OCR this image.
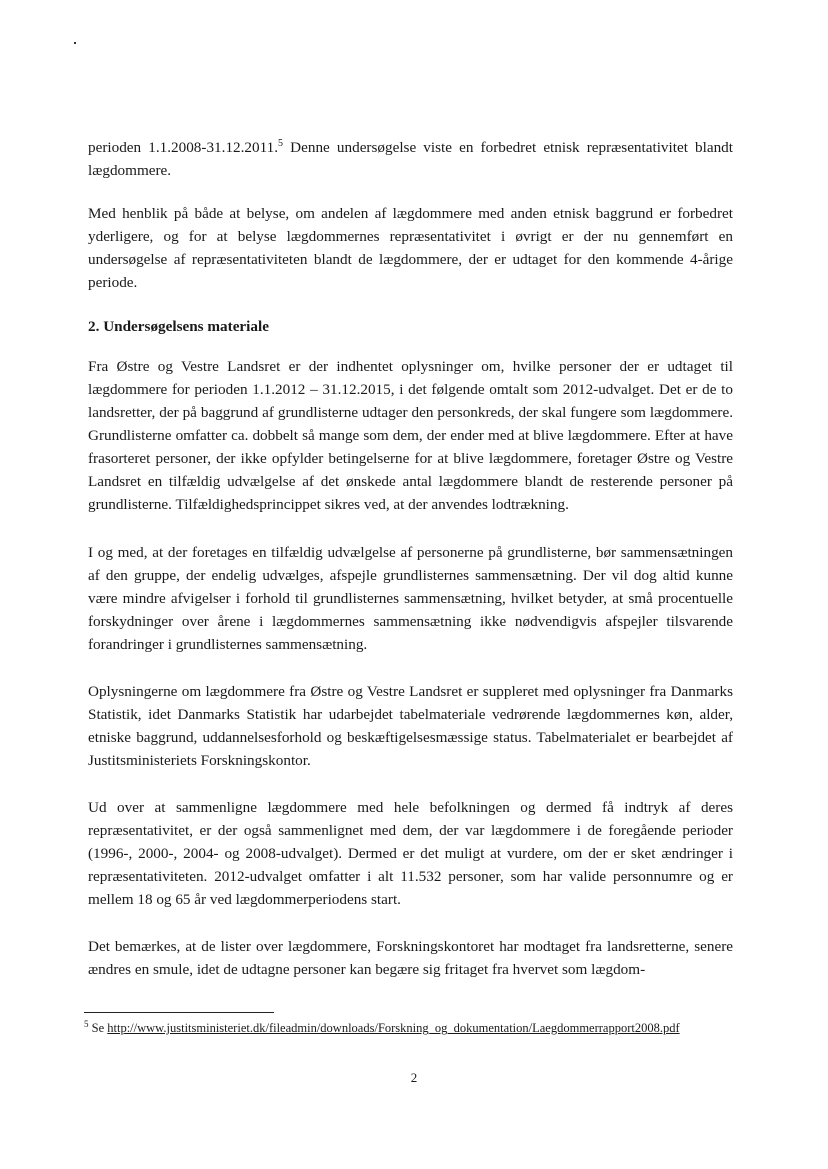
perioden 1.1.2008-31.12.2011.$^5$ Denne undersøgelse viste en forbedret etnisk repræsentativitet blandt lægdommere.

Med henblik på både at belyse, om andelen af lægdommere med anden etnisk baggrund er forbedret yderligere, og for at belyse lægdommernes repræsentativitet i øvrigt er der nu gennemført en undersøgelse af repræsentativiteten blandt de lægdommere, der er udtaget for den kommende 4-årige periode.

2. Undersøgelsens materiale

Fra Østre og Vestre Landsret er der indhentet oplysninger om, hvilke personer der er udtaget til lægdommere for perioden 1.1.2012 – 31.12.2015, i det følgende omtalt som 2012-udvalget. Det er de to landsretter, der på baggrund af grundlisterne udtager den personkreds, der skal fungere som lægdommere. Grundlisterne omfatter ca. dobbelt så mange som dem, der ender med at blive lægdommere. Efter at have frasorteret personer, der ikke opfylder betingelserne for at blive lægdommere, foretager Østre og Vestre Landsret en tilfældig udvælgelse af det ønskede antal lægdommere blandt de resterende personer på grundlisterne. Tilfældighedsprincippet sikres ved, at der anvendes lodtrækning.

I og med, at der foretages en tilfældig udvælgelse af personerne på grundlisterne, bør sammensætningen af den gruppe, der endelig udvælges, afspejle grundlisternes sammensætning. Der vil dog altid kunne være mindre afvigelser i forhold til grundlisternes sammensætning, hvilket betyder, at små procentuelle forskydninger over årene i lægdommernes sammensætning ikke nødvendigvis afspejler tilsvarende forandringer i grundlisternes sammensætning.

Oplysningerne om lægdommere fra Østre og Vestre Landsret er suppleret med oplysninger fra Danmarks Statistik, idet Danmarks Statistik har udarbejdet tabelmateriale vedrørende lægdommernes køn, alder, etniske baggrund, uddannelsesforhold og beskæftigelsesmæssige status. Tabelmaterialet er bearbejdet af Justitsministeriets Forskningskontor.

Ud over at sammenligne lægdommere med hele befolkningen og dermed få indtryk af deres repræsentativitet, er der også sammenlignet med dem, der var lægdommere i de foregående perioder (1996-, 2000-, 2004- og 2008-udvalget). Dermed er det muligt at vurdere, om der er sket ændringer i repræsentativiteten. 2012-udvalget omfatter i alt 11.532 personer, som har valide personnumre og er mellem 18 og 65 år ved lægdommerperiodens start.

Det bemærkes, at de lister over lægdommere, Forskningskontoret har modtaget fra landsretterne, senere ændres en smule, idet de udtagne personer kan begære sig fritaget fra hvervet som lægdom-

$^5$ Se http://www.justitsministeriet.dk/fileadmin/downloads/Forskning_og_dokumentation/Laegdommerrapport2008.pdf
2
